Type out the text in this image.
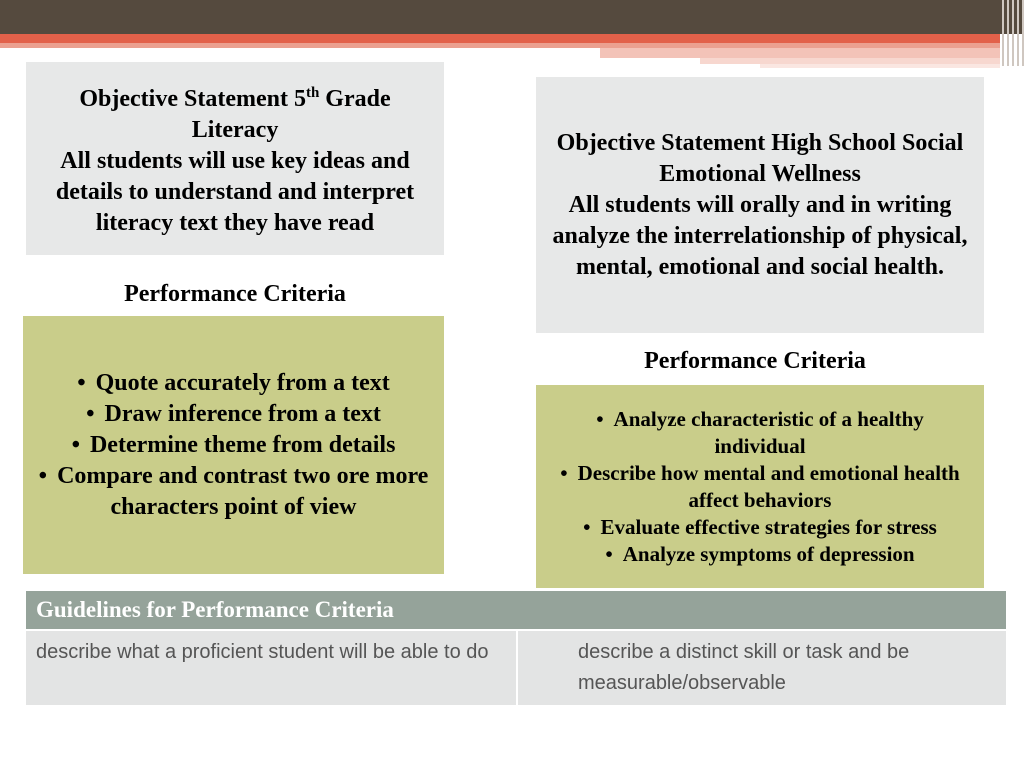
Objective Statement 5th Grade Literacy
All students will use key ideas and details to understand and interpret literacy text they have read
Objective Statement High School Social Emotional Wellness
All students will orally and in writing analyze the interrelationship of physical, mental, emotional and social health.
Performance Criteria
Performance Criteria
• Quote accurately from a text
• Draw inference from a text
• Determine theme from details
• Compare and contrast two ore more characters point of view
• Analyze characteristic of a healthy individual
• Describe how mental and emotional health affect behaviors
• Evaluate effective strategies for stress
• Analyze symptoms of depression
Guidelines for Performance Criteria
describe what a proficient student will be able to do	describe a distinct skill or task and be measurable/observable
